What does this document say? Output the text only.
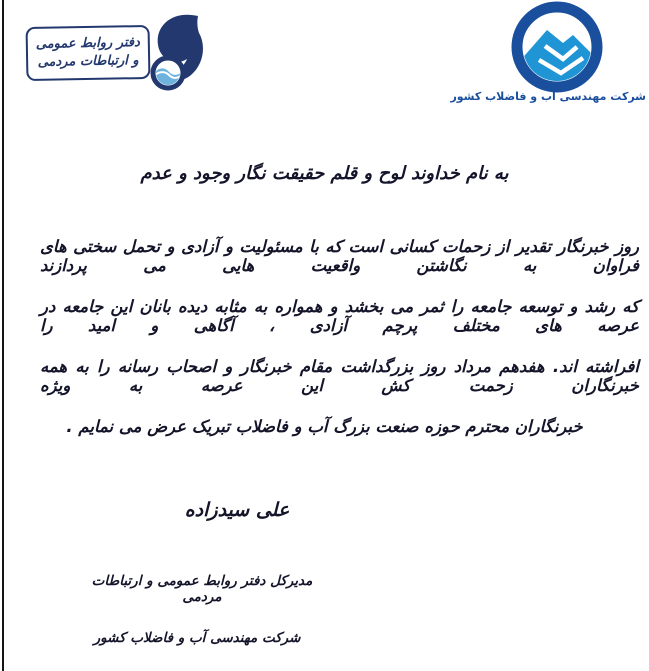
دفتر روابط عمومی
و ارتباطات مردمی
شرکت مهندسی آب و فاضلاب کشور
به نام خداوند لوح و قلم حقیقت نگار وجود و عدم
روز خبرنگار تقدیر از زحمات کسانی است که با مسئولیت و آزادی و تحمل سختی های فراوان به نگاشتن واقعیت هایی می پردازند
که رشد و توسعه جامعه را ثمر می بخشد و همواره به مثابه دیده بانان این جامعه در عرصه های مختلف پرچم آزادی ، آگاهی و امید را
افراشته اند. هفدهم مرداد روز بزرگداشت مقام خبرنگار و اصحاب رسانه را به همه خبرنگاران زحمت کش این عرصه به ویژه
خبرنگاران محترم حوزه صنعت بزرگ آب و فاضلاب تبریک عرض می نمایم .
علی سیدزاده
مدیرکل دفتر روابط عمومی و ارتباطات مردمی
شرکت مهندسی آب و فاضلاب کشور
